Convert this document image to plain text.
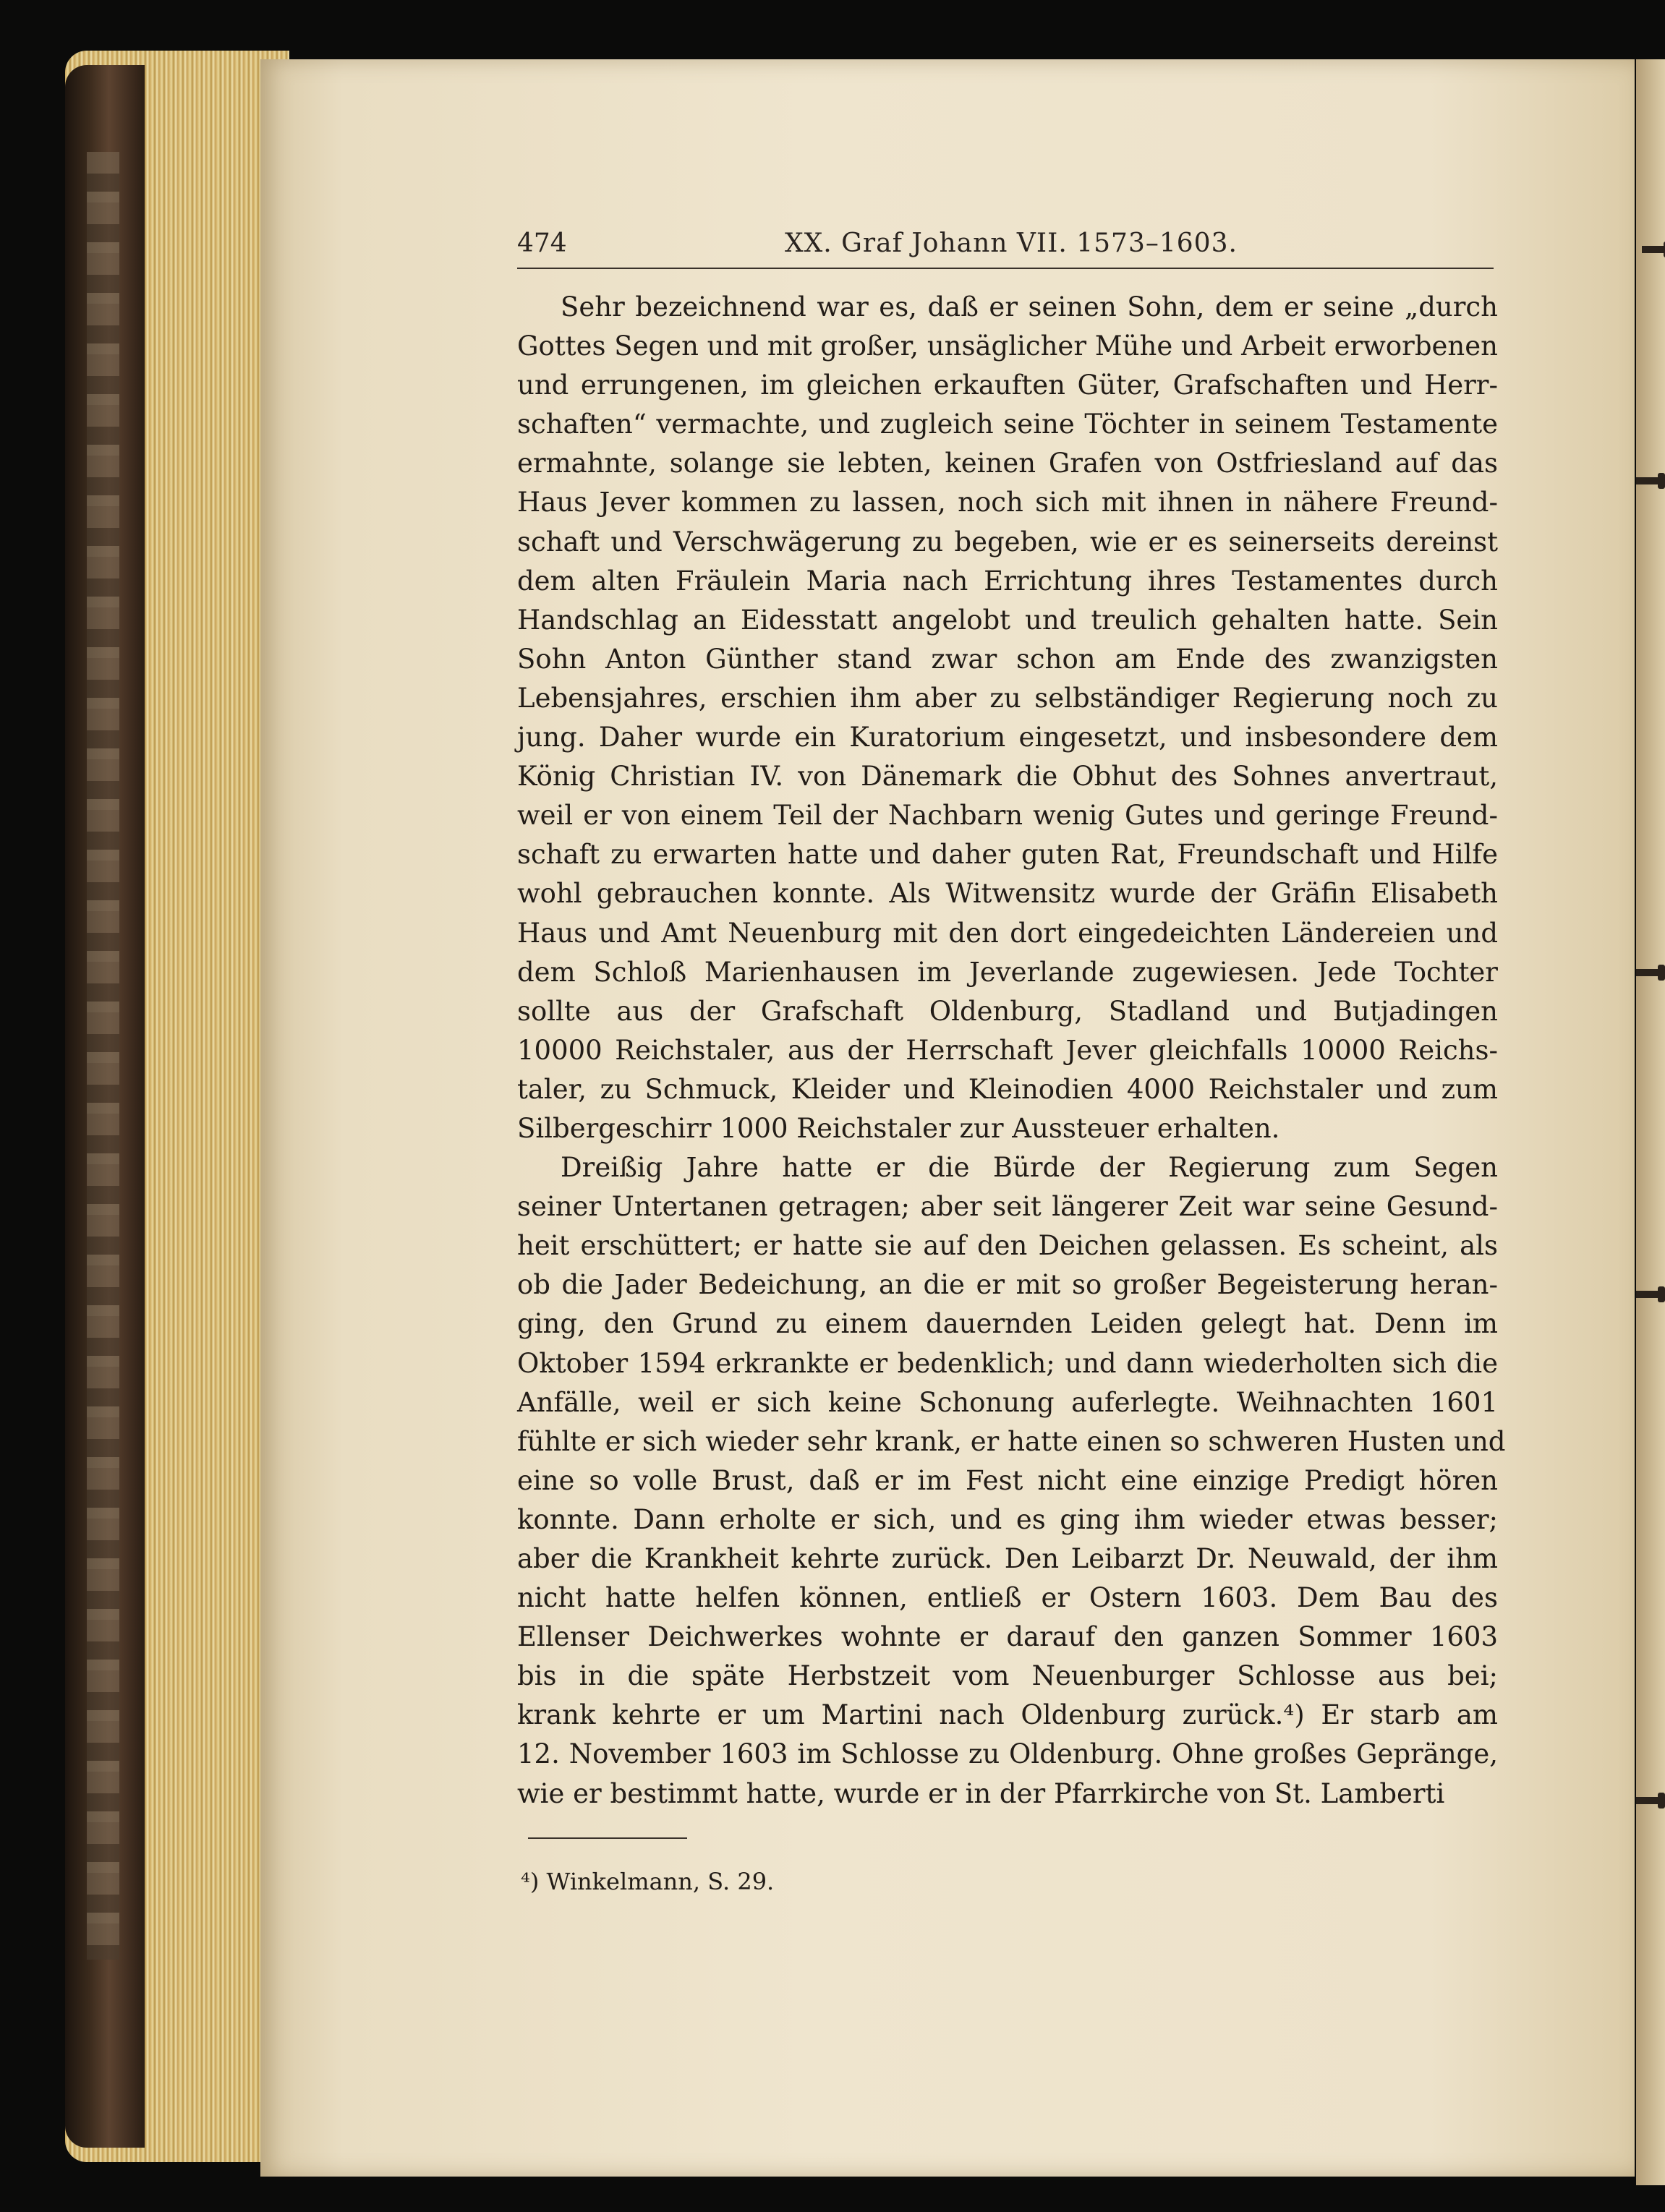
474	XX. Graf Johann VII. 1573–1603.
Sehr bezeichnend war es, daß er seinen Sohn, dem er seine „durch
Gottes Segen und mit großer, unsäglicher Mühe und Arbeit erworbenen
und errungenen, im gleichen erkauften Güter, Grafschaften und Herr-
schaften“ vermachte, und zugleich seine Töchter in seinem Testamente
ermahnte, solange sie lebten, keinen Grafen von Ostfriesland auf das
Haus Jever kommen zu lassen, noch sich mit ihnen in nähere Freund-
schaft und Verschwägerung zu begeben, wie er es seinerseits dereinst
dem alten Fräulein Maria nach Errichtung ihres Testamentes durch
Handschlag an Eidesstatt angelobt und treulich gehalten hatte. Sein
Sohn Anton Günther stand zwar schon am Ende des zwanzigsten
Lebensjahres, erschien ihm aber zu selbständiger Regierung noch zu
jung. Daher wurde ein Kuratorium eingesetzt, und insbesondere dem
König Christian IV. von Dänemark die Obhut des Sohnes anvertraut,
weil er von einem Teil der Nachbarn wenig Gutes und geringe Freund-
schaft zu erwarten hatte und daher guten Rat, Freundschaft und Hilfe
wohl gebrauchen konnte. Als Witwensitz wurde der Gräfin Elisabeth
Haus und Amt Neuenburg mit den dort eingedeichten Ländereien und
dem Schloß Marienhausen im Jeverlande zugewiesen. Jede Tochter
sollte aus der Grafschaft Oldenburg, Stadland und Butjadingen
10000 Reichstaler, aus der Herrschaft Jever gleichfalls 10000 Reichs-
taler, zu Schmuck, Kleider und Kleinodien 4000 Reichstaler und zum
Silbergeschirr 1000 Reichstaler zur Aussteuer erhalten.
Dreißig Jahre hatte er die Bürde der Regierung zum Segen
seiner Untertanen getragen; aber seit längerer Zeit war seine Gesund-
heit erschüttert; er hatte sie auf den Deichen gelassen. Es scheint, als
ob die Jader Bedeichung, an die er mit so großer Begeisterung heran-
ging, den Grund zu einem dauernden Leiden gelegt hat. Denn im
Oktober 1594 erkrankte er bedenklich; und dann wiederholten sich die
Anfälle, weil er sich keine Schonung auferlegte. Weihnachten 1601
fühlte er sich wieder sehr krank, er hatte einen so schweren Husten und
eine so volle Brust, daß er im Fest nicht eine einzige Predigt hören
konnte. Dann erholte er sich, und es ging ihm wieder etwas besser;
aber die Krankheit kehrte zurück. Den Leibarzt Dr. Neuwald, der ihm
nicht hatte helfen können, entließ er Ostern 1603. Dem Bau des
Ellenser Deichwerkes wohnte er darauf den ganzen Sommer 1603
bis in die späte Herbstzeit vom Neuenburger Schlosse aus bei;
krank kehrte er um Martini nach Oldenburg zurück.⁴) Er starb am
12. November 1603 im Schlosse zu Oldenburg. Ohne großes Gepränge,
wie er bestimmt hatte, wurde er in der Pfarrkirche von St. Lamberti
⁴) Winkelmann, S. 29.
